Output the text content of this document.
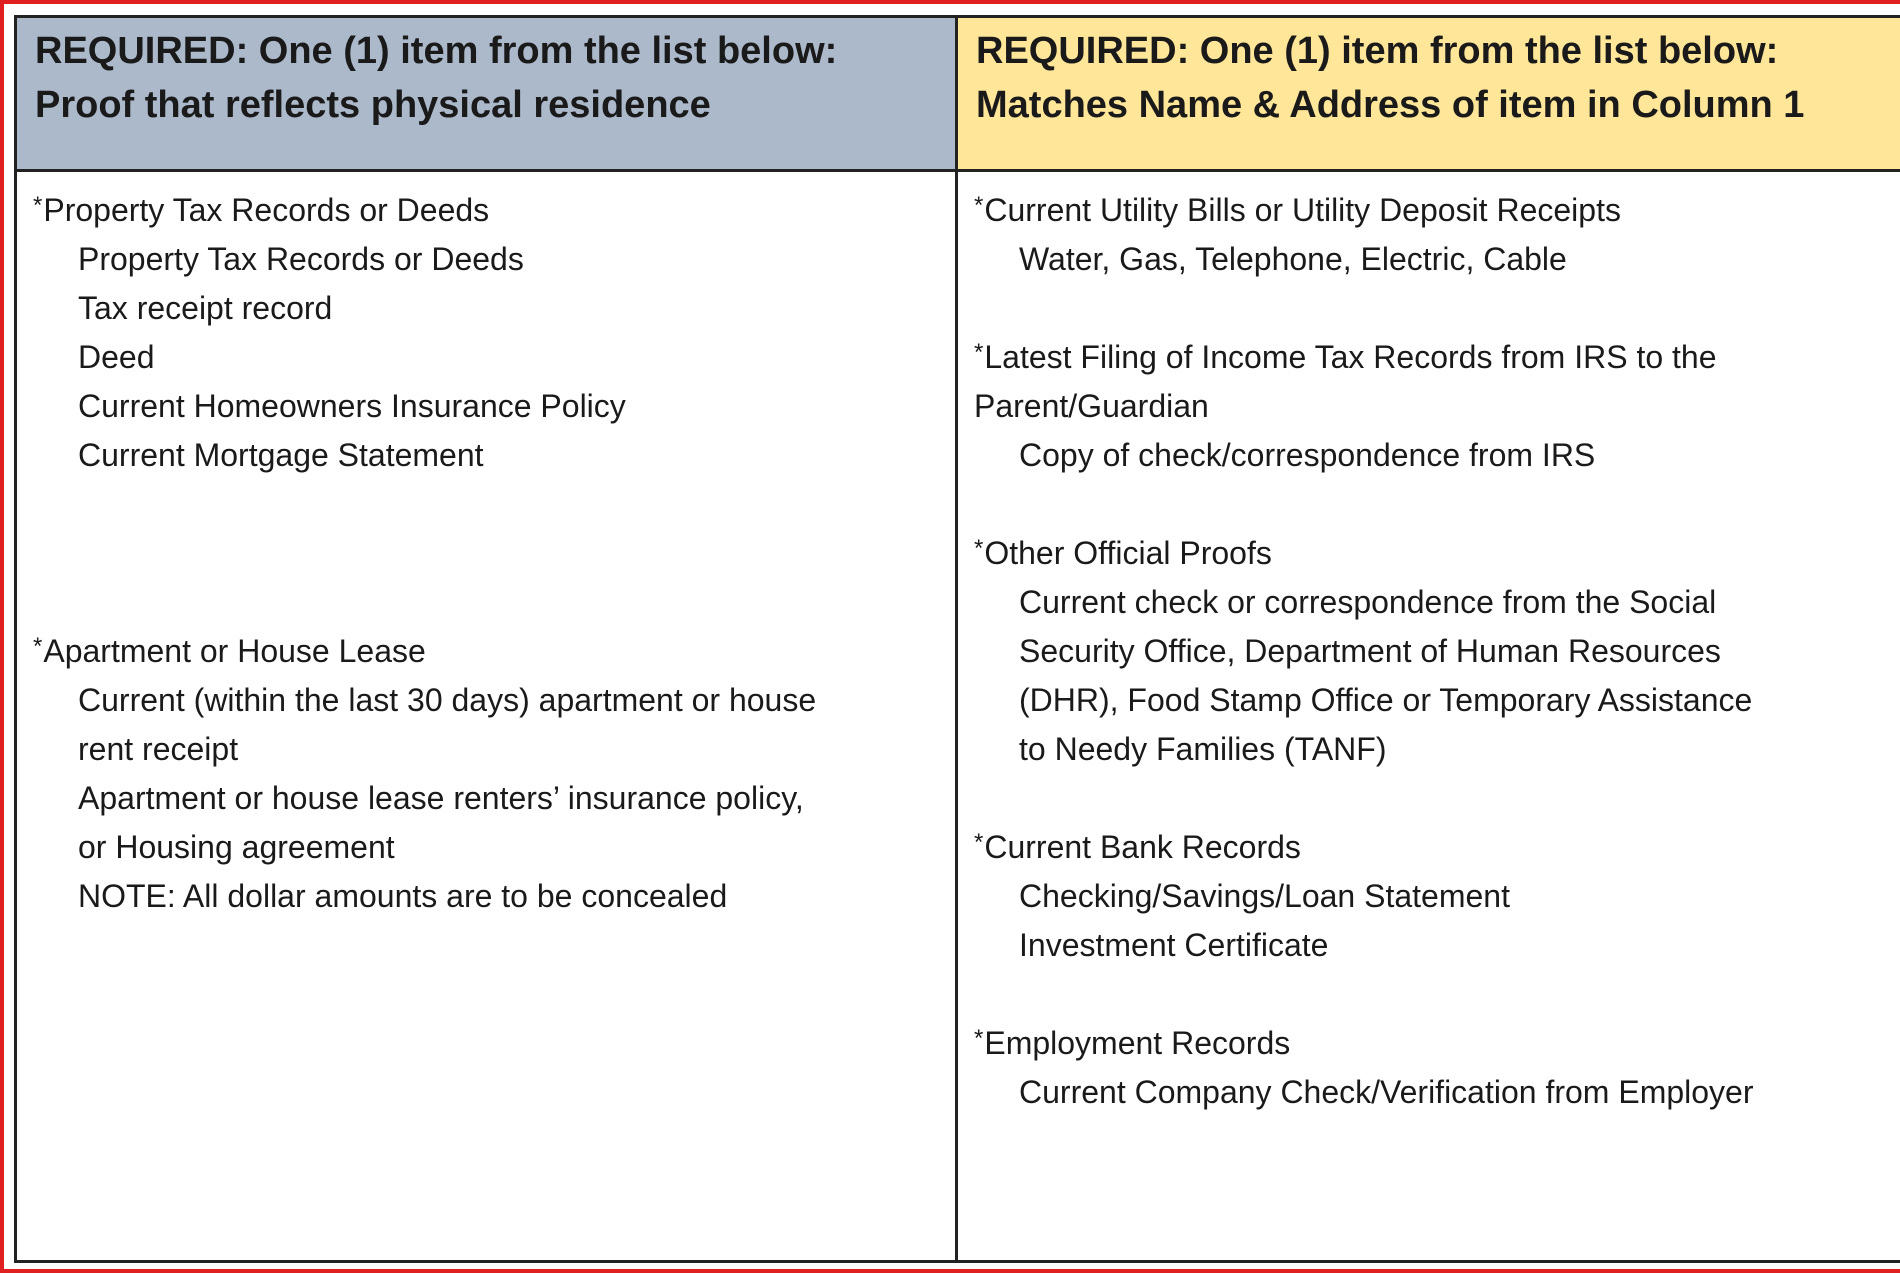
REQUIRED: One (1) item from the list below:
Proof that reflects physical residence
REQUIRED: One (1) item from the list below:
Matches Name & Address of item in Column 1
*Property Tax Records or Deeds
Property Tax Records or Deeds
Tax receipt record
Deed
Current Homeowners Insurance Policy
Current Mortgage Statement
*Apartment or House Lease
Current (within the last 30 days) apartment or house
rent receipt
Apartment or house lease renters’ insurance policy,
or Housing agreement
NOTE: All dollar amounts are to be concealed
*Current Utility Bills or Utility Deposit Receipts
Water, Gas, Telephone, Electric, Cable
*Latest Filing of Income Tax Records from IRS to the
Parent/Guardian
Copy of check/correspondence from IRS
*Other Official Proofs
Current check or correspondence from the Social
Security Office, Department of Human Resources
(DHR), Food Stamp Office or Temporary Assistance
to Needy Families (TANF)
*Current Bank Records
Checking/Savings/Loan Statement
Investment Certificate
*Employment Records
Current Company Check/Verification from Employer
